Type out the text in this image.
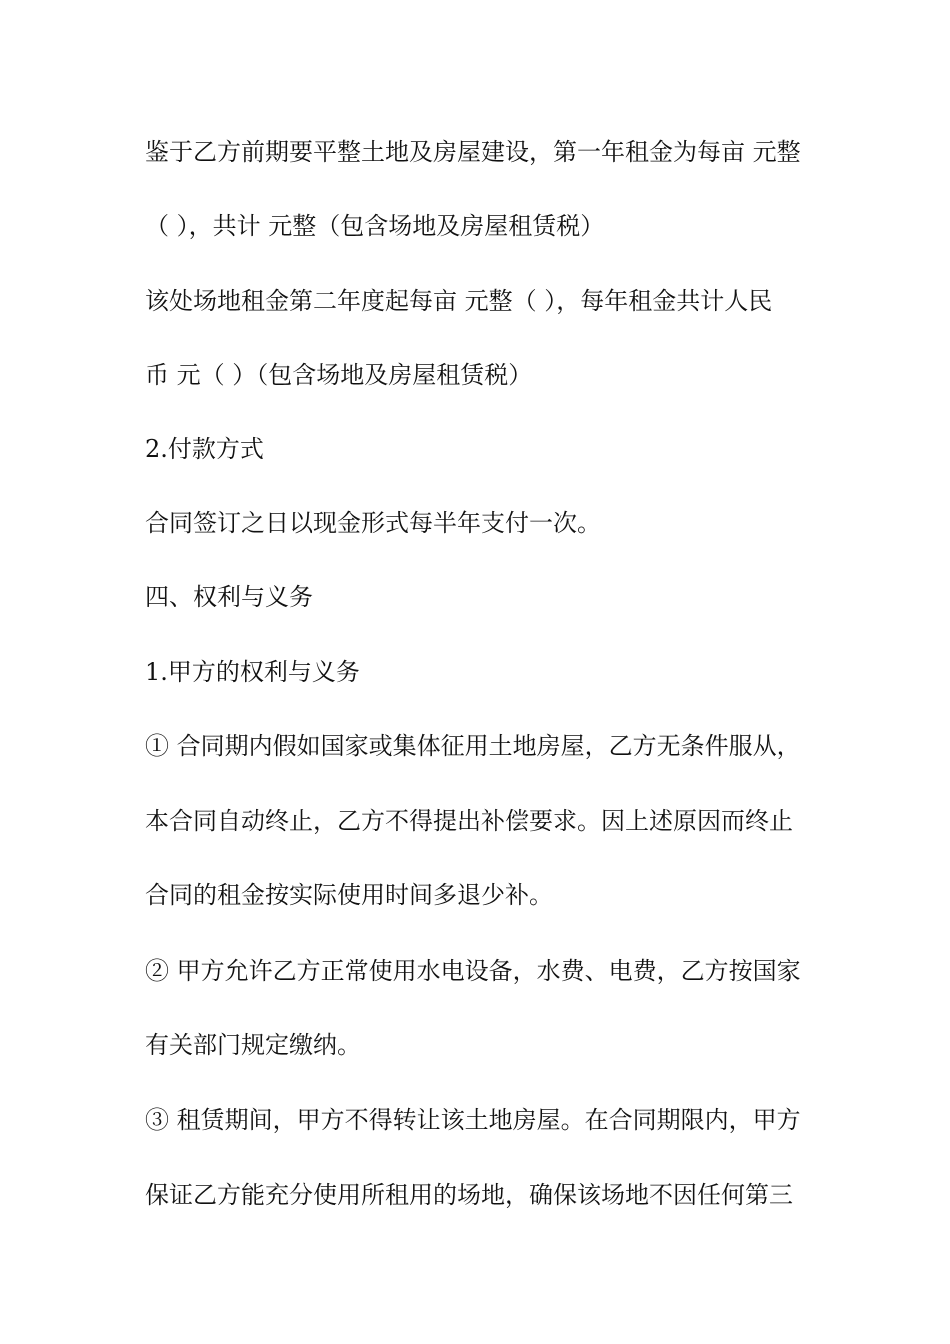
鉴于乙方前期要平整土地及房屋建设，第一年租金为每亩 元整
（ ），共计 元整（包含场地及房屋租赁税）
该处场地租金第二年度起每亩 元整（ ），每年租金共计人民
币 元（ ）（包含场地及房屋租赁税）
2.付款方式
合同签订之日以现金形式每半年支付一次。
四、权利与义务
1.甲方的权利与义务
① 合同期内假如国家或集体征用土地房屋，乙方无条件服从，
本合同自动终止，乙方不得提出补偿要求。因上述原因而终止
合同的租金按实际使用时间多退少补。
② 甲方允许乙方正常使用水电设备，水费、电费，乙方按国家
有关部门规定缴纳。
③ 租赁期间，甲方不得转让该土地房屋。在合同期限内，甲方
保证乙方能充分使用所租用的场地，确保该场地不因任何第三
